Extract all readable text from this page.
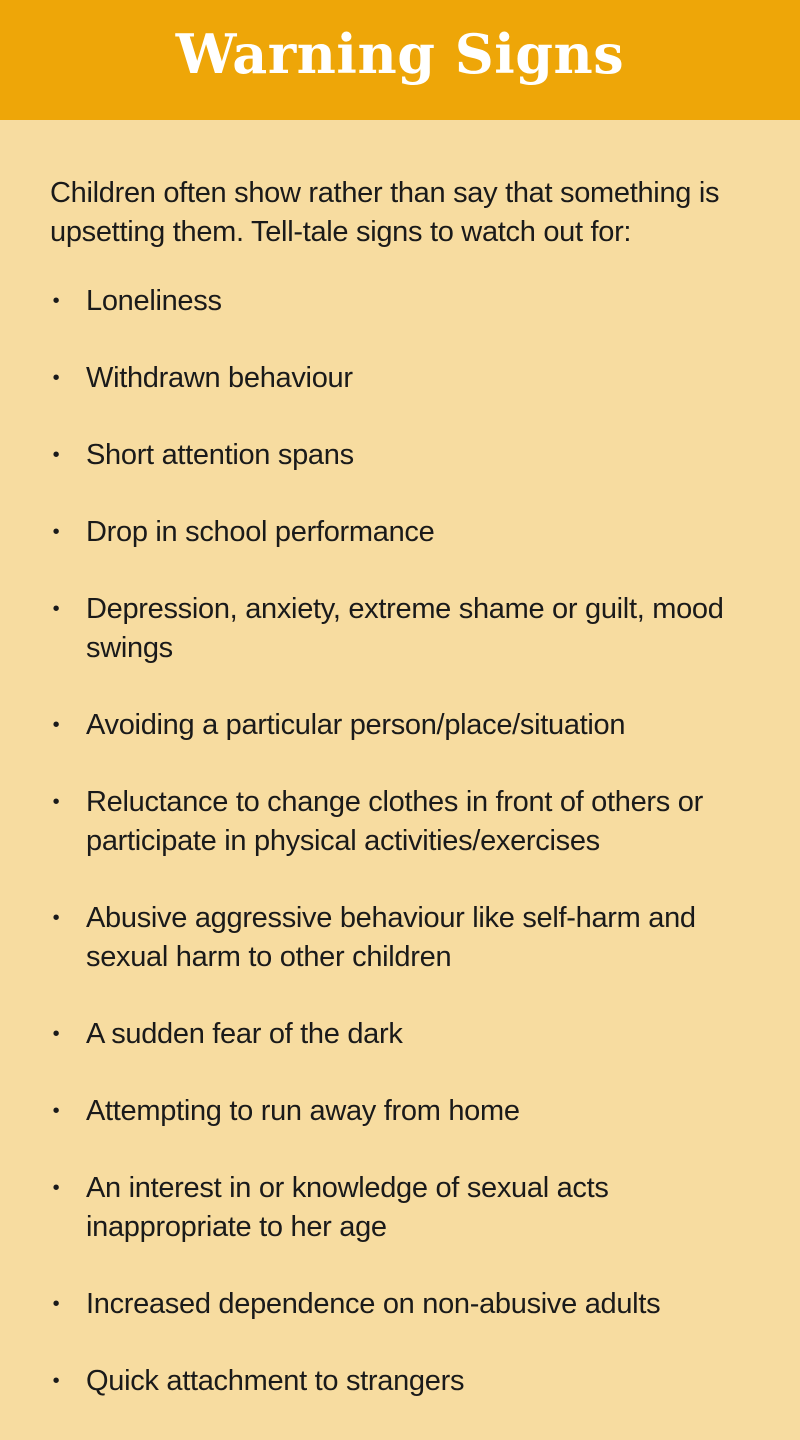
Warning Signs

Children often show rather than say that something is upsetting them. Tell-tale signs to watch out for:

• Loneliness
• Withdrawn behaviour
• Short attention spans
• Drop in school performance
• Depression, anxiety, extreme shame or guilt, mood swings
• Avoiding a particular person/place/situation
• Reluctance to change clothes in front of others or participate in physical activities/exercises
• Abusive aggressive behaviour like self-harm and sexual harm to other children
• A sudden fear of the dark
• Attempting to run away from home
• An interest in or knowledge of sexual acts inappropriate to her age
• Increased dependence on non-abusive adults
• Quick attachment to strangers
